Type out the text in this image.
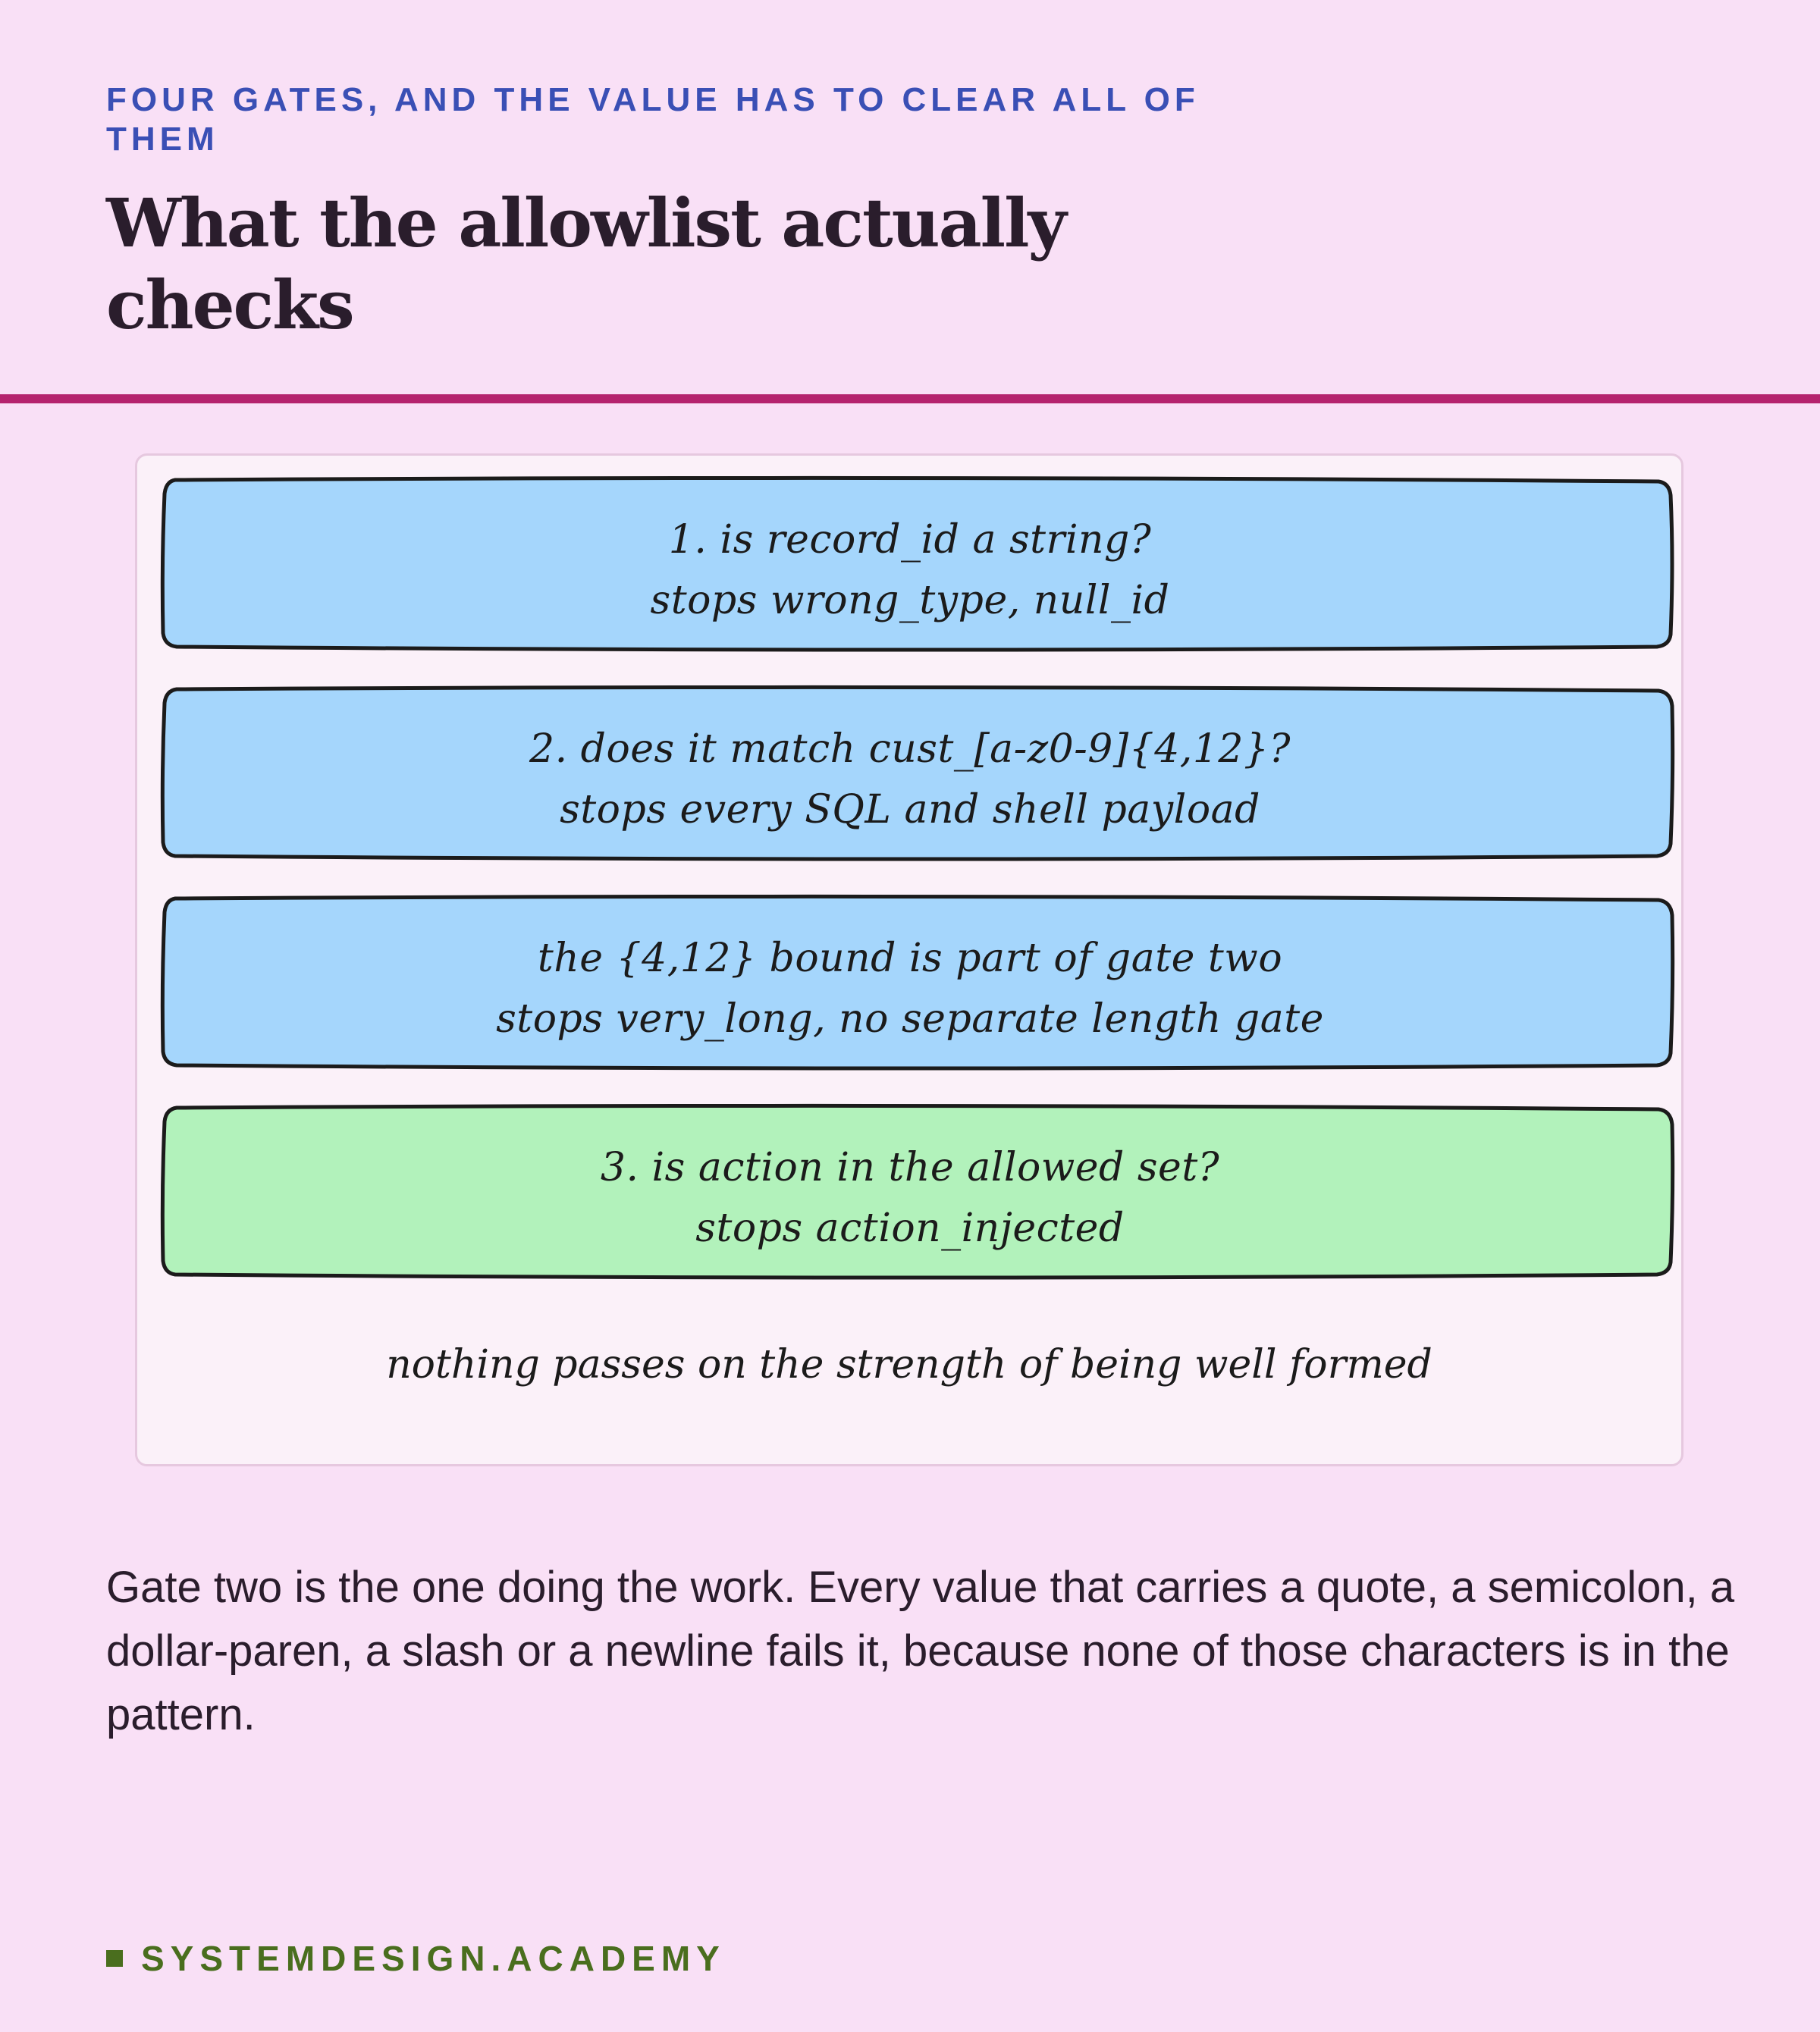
FOUR GATES, AND THE VALUE HAS TO CLEAR ALL OF THEM
What the allowlist actually checks
1. is record_id a string?
stops wrong_type, null_id
2. does it match cust_[a-z0-9]{4,12}?
stops every SQL and shell payload
the {4,12} bound is part of gate two
stops very_long, no separate length gate
3. is action in the allowed set?
stops action_injected
nothing passes on the strength of being well formed

Gate two is the one doing the work. Every value that carries a quote, a semicolon, a dollar-paren, a slash or a newline fails it, because none of those characters is in the pattern.

SYSTEMDESIGN.ACADEMY
